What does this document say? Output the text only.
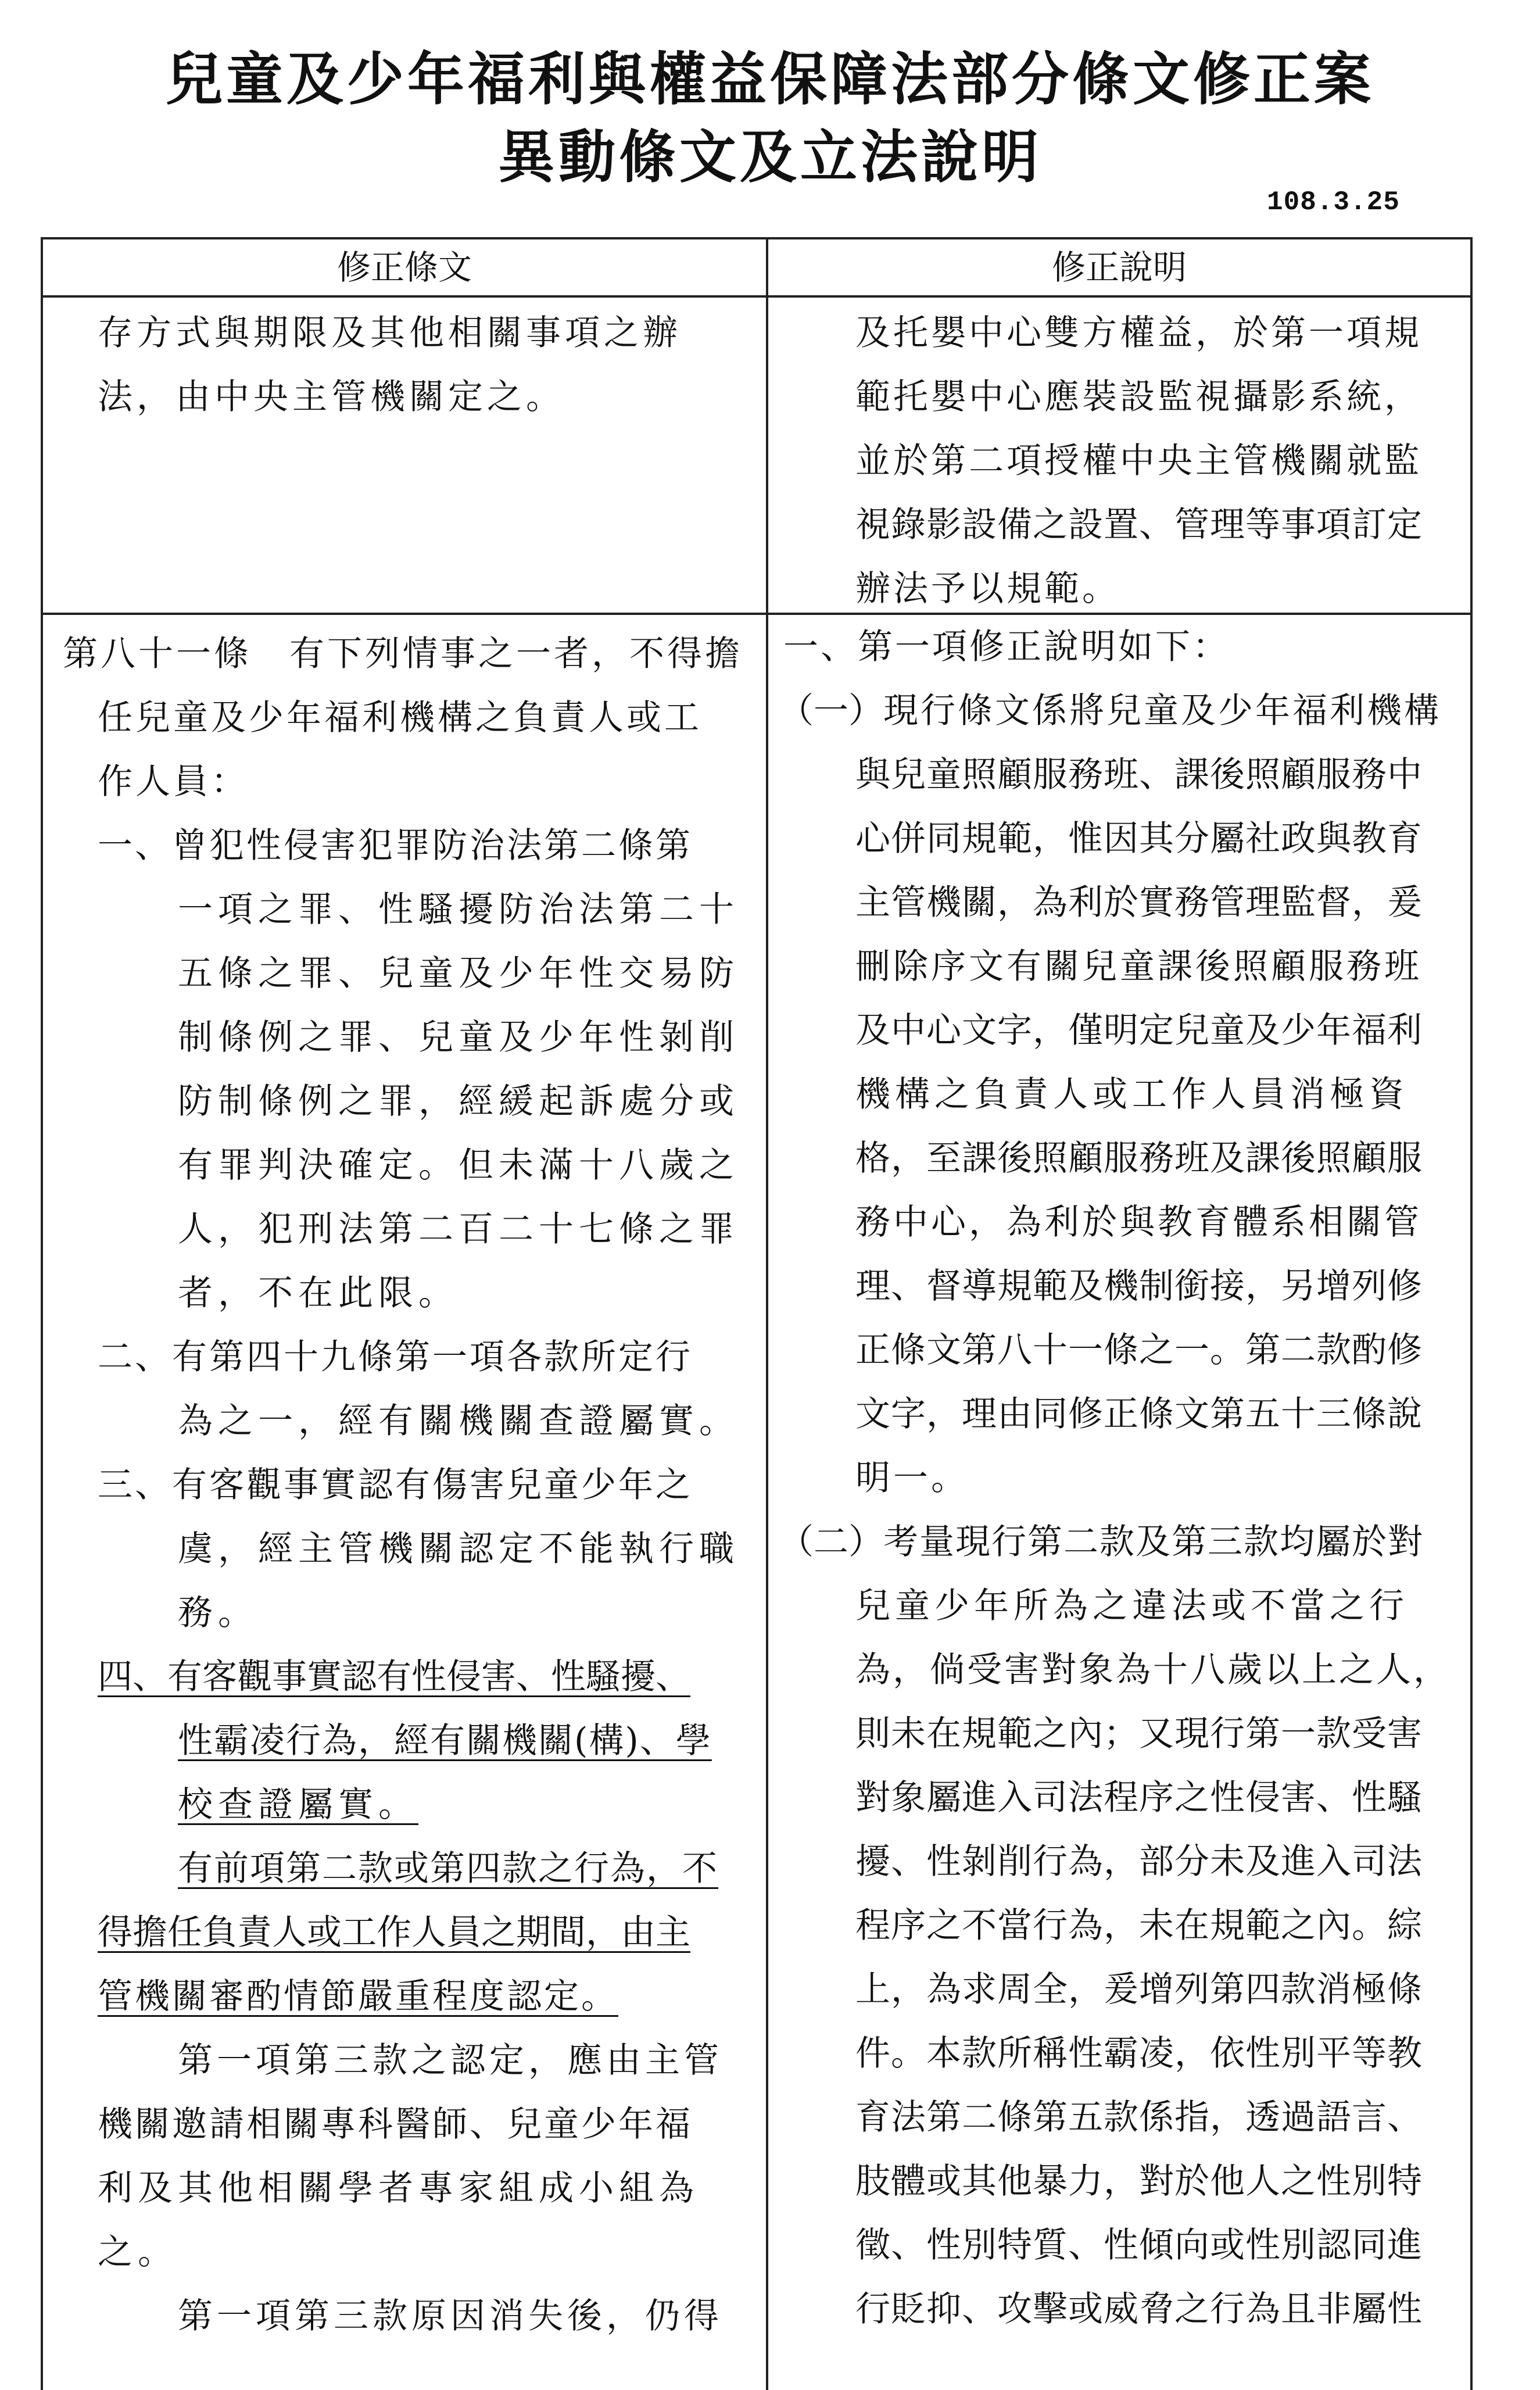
兒童及少年福利與權益保障法部分條文修正案
異動條文及立法說明
108.3.25
修正條文	修正說明
存方式與期限及其他相關事項之辦
法，由中央主管機關定之。
第八十一條　有下列情事之一者，不得擔
任兒童及少年福利機構之負責人或工
作人員：
一、曾犯性侵害犯罪防治法第二條第
一項之罪、性騷擾防治法第二十
五條之罪、兒童及少年性交易防
制條例之罪、兒童及少年性剝削
防制條例之罪，經緩起訴處分或
有罪判決確定。但未滿十八歲之
人，犯刑法第二百二十七條之罪
者，不在此限。
二、有第四十九條第一項各款所定行
為之一，經有關機關查證屬實。
三、有客觀事實認有傷害兒童少年之
虞，經主管機關認定不能執行職
務。
四、有客觀事實認有性侵害、性騷擾、
性霸凌行為，經有關機關(構)、學
校查證屬實。
有前項第二款或第四款之行為，不
得擔任負責人或工作人員之期間，由主
管機關審酌情節嚴重程度認定。
第一項第三款之認定，應由主管
機關邀請相關專科醫師、兒童少年福
利及其他相關學者專家組成小組為
之。
第一項第三款原因消失後，仍得
及托嬰中心雙方權益，於第一項規
範托嬰中心應裝設監視攝影系統，
並於第二項授權中央主管機關就監
視錄影設備之設置、管理等事項訂定
辦法予以規範。
一、第一項修正說明如下：
（一） 現行條文係將兒童及少年福利機構
與兒童照顧服務班、課後照顧服務中
心併同規範，惟因其分屬社政與教育
主管機關，為利於實務管理監督，爰
刪除序文有關兒童課後照顧服務班
及中心文字，僅明定兒童及少年福利
機構之負責人或工作人員消極資
格，至課後照顧服務班及課後照顧服
務中心，為利於與教育體系相關管
理、督導規範及機制銜接，另增列修
正條文第八十一條之一。第二款酌修
文字，理由同修正條文第五十三條說
明一。
（二） 考量現行第二款及第三款均屬於對
兒童少年所為之違法或不當之行
為，倘受害對象為十八歲以上之人，
則未在規範之內；又現行第一款受害
對象屬進入司法程序之性侵害、性騷
擾、性剝削行為，部分未及進入司法
程序之不當行為，未在規範之內。綜
上，為求周全，爰增列第四款消極條
件。本款所稱性霸凌，依性別平等教
育法第二條第五款係指，透過語言、
肢體或其他暴力，對於他人之性別特
徵、性別特質、性傾向或性別認同進
行貶抑、攻擊或威脅之行為且非屬性
